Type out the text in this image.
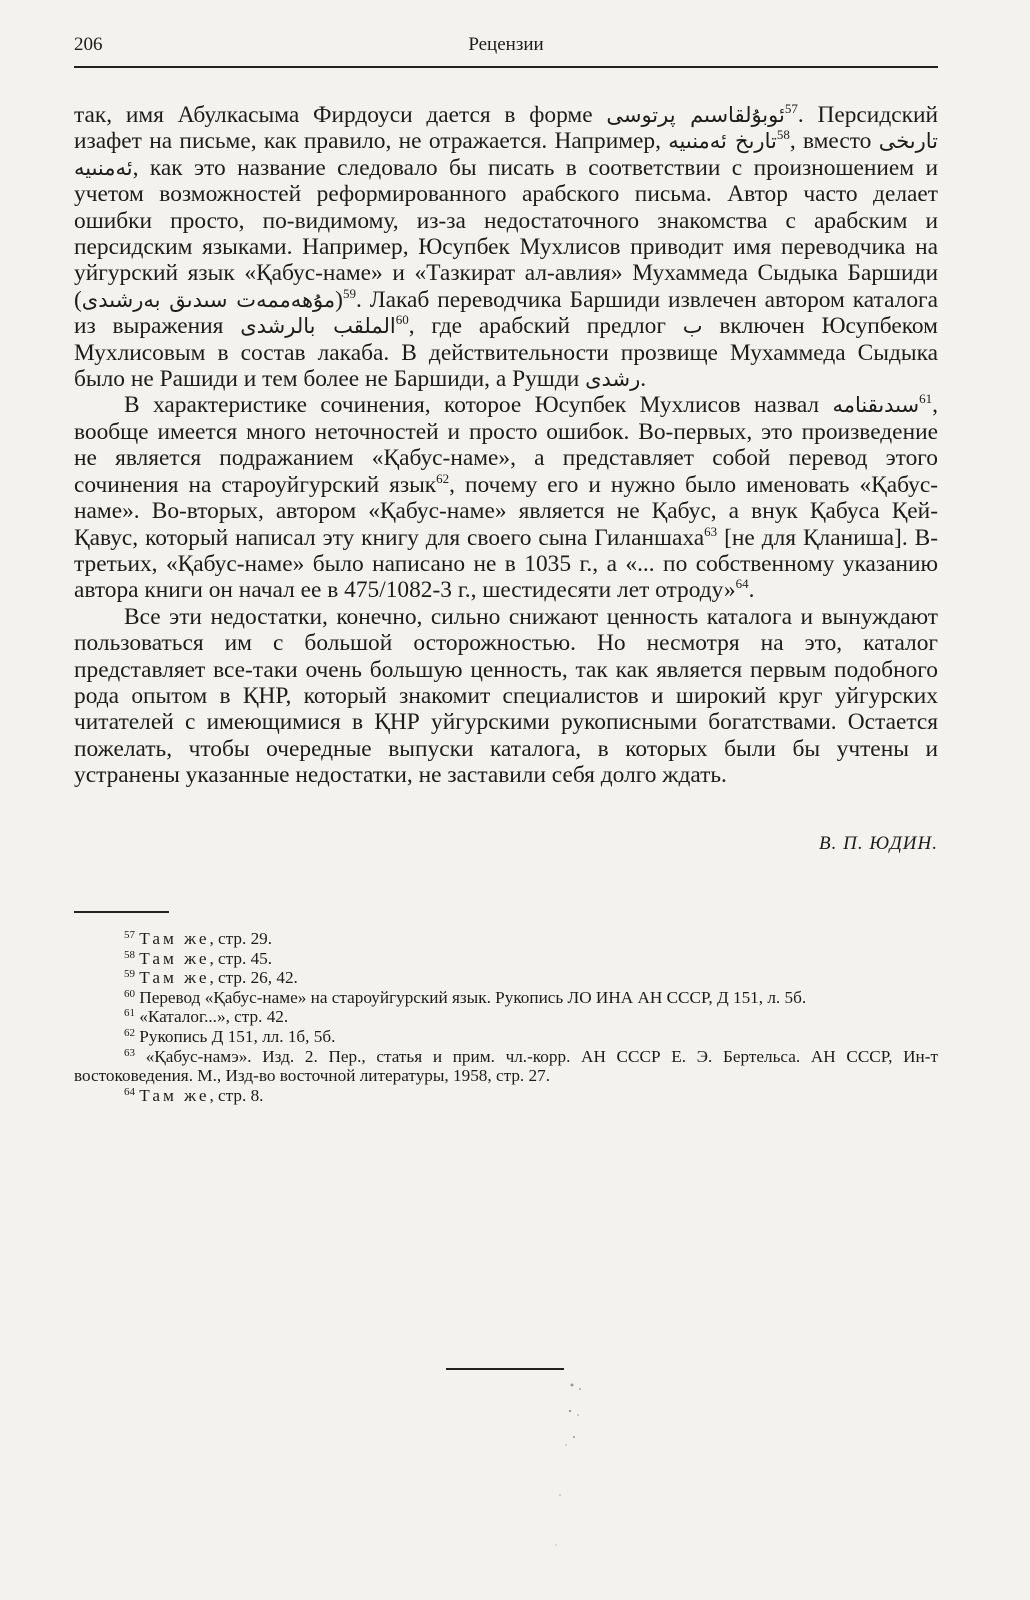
206	Рецензии

так, имя Абулкасыма Фирдоуси дается в форме ئوبۇلقاسىم پرتوسى$^{57}$. Персидский изафет на письме, как правило, не отражается. Например, تارىخ ئەمنىيە$^{58}$, вместо تارىخى ئەمنىيە, как это название следовало бы писать в соответствии с произношением и учетом возможностей реформированного арабского письма. Автор часто делает ошибки просто, по-видимому, из-за недостаточного знакомства с арабским и персидским языками. Например, Юсупбек Мухлисов приводит имя переводчика на уйгурский язык «Қабус-наме» и «Тазкират ал-авлия» Мухаммеда Сыдыка Баршиди (مۇھەممەت سىدىق بەرشىدى)$^{59}$. Лакаб переводчика Баршиди извлечен автором каталога из выражения الملقب بالرشدى$^{60}$, где арабский предлог ب включен Юсупбеком Мухлисовым в состав лакаба. В действительности прозвище Мухаммеда Сыдыка было не Рашиди и тем более не Баршиди, а Рушди رشدى.

В характеристике сочинения, которое Юсупбек Мухлисов назвал سىدىقنامە$^{61}$, вообще имеется много неточностей и просто ошибок. Во-первых, это произведение не является подражанием «Қабус-наме», а представляет собой перевод этого сочинения на староуйгурский язык$^{62}$, почему его и нужно было именовать «Қабус-наме». Во-вторых, автором «Қабус-наме» является не Қабус, а внук Қабуса Қей-Қавус, который написал эту книгу для своего сына Гиланшаха$^{63}$ [не для Қланиша]. В-третьих, «Қабус-наме» было написано не в 1035 г., а «... по собственному указанию автора книги он начал ее в 475/1082-3 г., шестидесяти лет отроду»$^{64}$.

Все эти недостатки, конечно, сильно снижают ценность каталога и вынуждают пользоваться им с большой осторожностью. Но несмотря на это, каталог представляет все-таки очень большую ценность, так как является первым подобного рода опытом в ҚНР, который знакомит специалистов и широкий круг уйгурских читателей с имеющимися в ҚНР уйгурскими рукописными богатствами. Остается пожелать, чтобы очередные выпуски каталога, в которых были бы учтены и устранены указанные недостатки, не заставили себя долго ждать.

В. П. ЮДИН.

$^{57}$ Там же, стр. 29.

$^{58}$ Там же, стр. 45.

$^{59}$ Там же, стр. 26, 42.

$^{60}$ Перевод «Қабус-наме» на староуйгурский язык. Рукопись ЛО ИНА АН СССР, Д 151, л. 5б.

$^{61}$ «Каталог...», стр. 42.

$^{62}$ Рукопись Д 151, лл. 1б, 5б.

$^{63}$ «Қабус-намэ». Изд. 2. Пер., статья и прим. чл.-корр. АН СССР Е. Э. Бертельса. АН СССР, Ин-т востоковедения. М., Изд-во восточной литературы, 1958, стр. 27.

$^{64}$ Там же, стр. 8.
